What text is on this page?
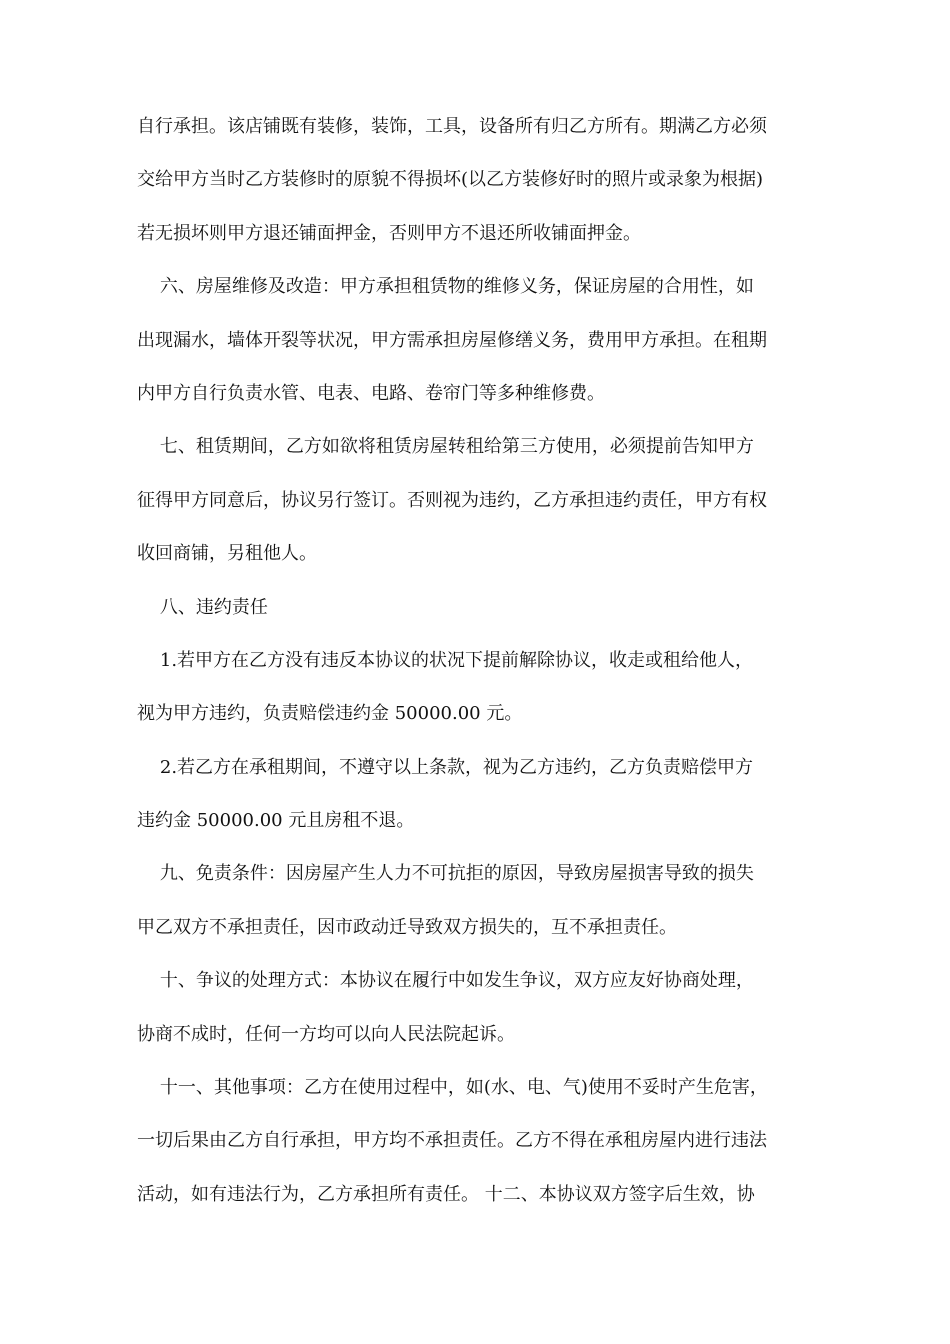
自行承担。该店铺既有装修，装饰，工具，设备所有归乙方所有。期满乙方必须
交给甲方当时乙方装修时的原貌不得损坏(以乙方装修好时的照片或录象为根据)
若无损坏则甲方退还铺面押金，否则甲方不退还所收铺面押金。
六、房屋维修及改造：甲方承担租赁物的维修义务，保证房屋的合用性，如
出现漏水，墙体开裂等状况，甲方需承担房屋修缮义务，费用甲方承担。在租期
内甲方自行负责水管、电表、电路、卷帘门等多种维修费。
七、租赁期间，乙方如欲将租赁房屋转租给第三方使用，必须提前告知甲方
征得甲方同意后，协议另行签订。否则视为违约，乙方承担违约责任，甲方有权
收回商铺，另租他人。
八、违约责任
1.若甲方在乙方没有违反本协议的状况下提前解除协议，收走或租给他人，
视为甲方违约，负责赔偿违约金 50000.00 元。
2.若乙方在承租期间，不遵守以上条款，视为乙方违约，乙方负责赔偿甲方
违约金 50000.00 元且房租不退。
九、免责条件：因房屋产生人力不可抗拒的原因，导致房屋损害导致的损失
甲乙双方不承担责任，因市政动迁导致双方损失的，互不承担责任。
十、争议的处理方式：本协议在履行中如发生争议，双方应友好协商处理，
协商不成时，任何一方均可以向人民法院起诉。
十一、其他事项：乙方在使用过程中，如(水、电、气)使用不妥时产生危害，
一切后果由乙方自行承担，甲方均不承担责任。乙方不得在承租房屋内进行违法
活动，如有违法行为，乙方承担所有责任。 十二、本协议双方签字后生效，协
